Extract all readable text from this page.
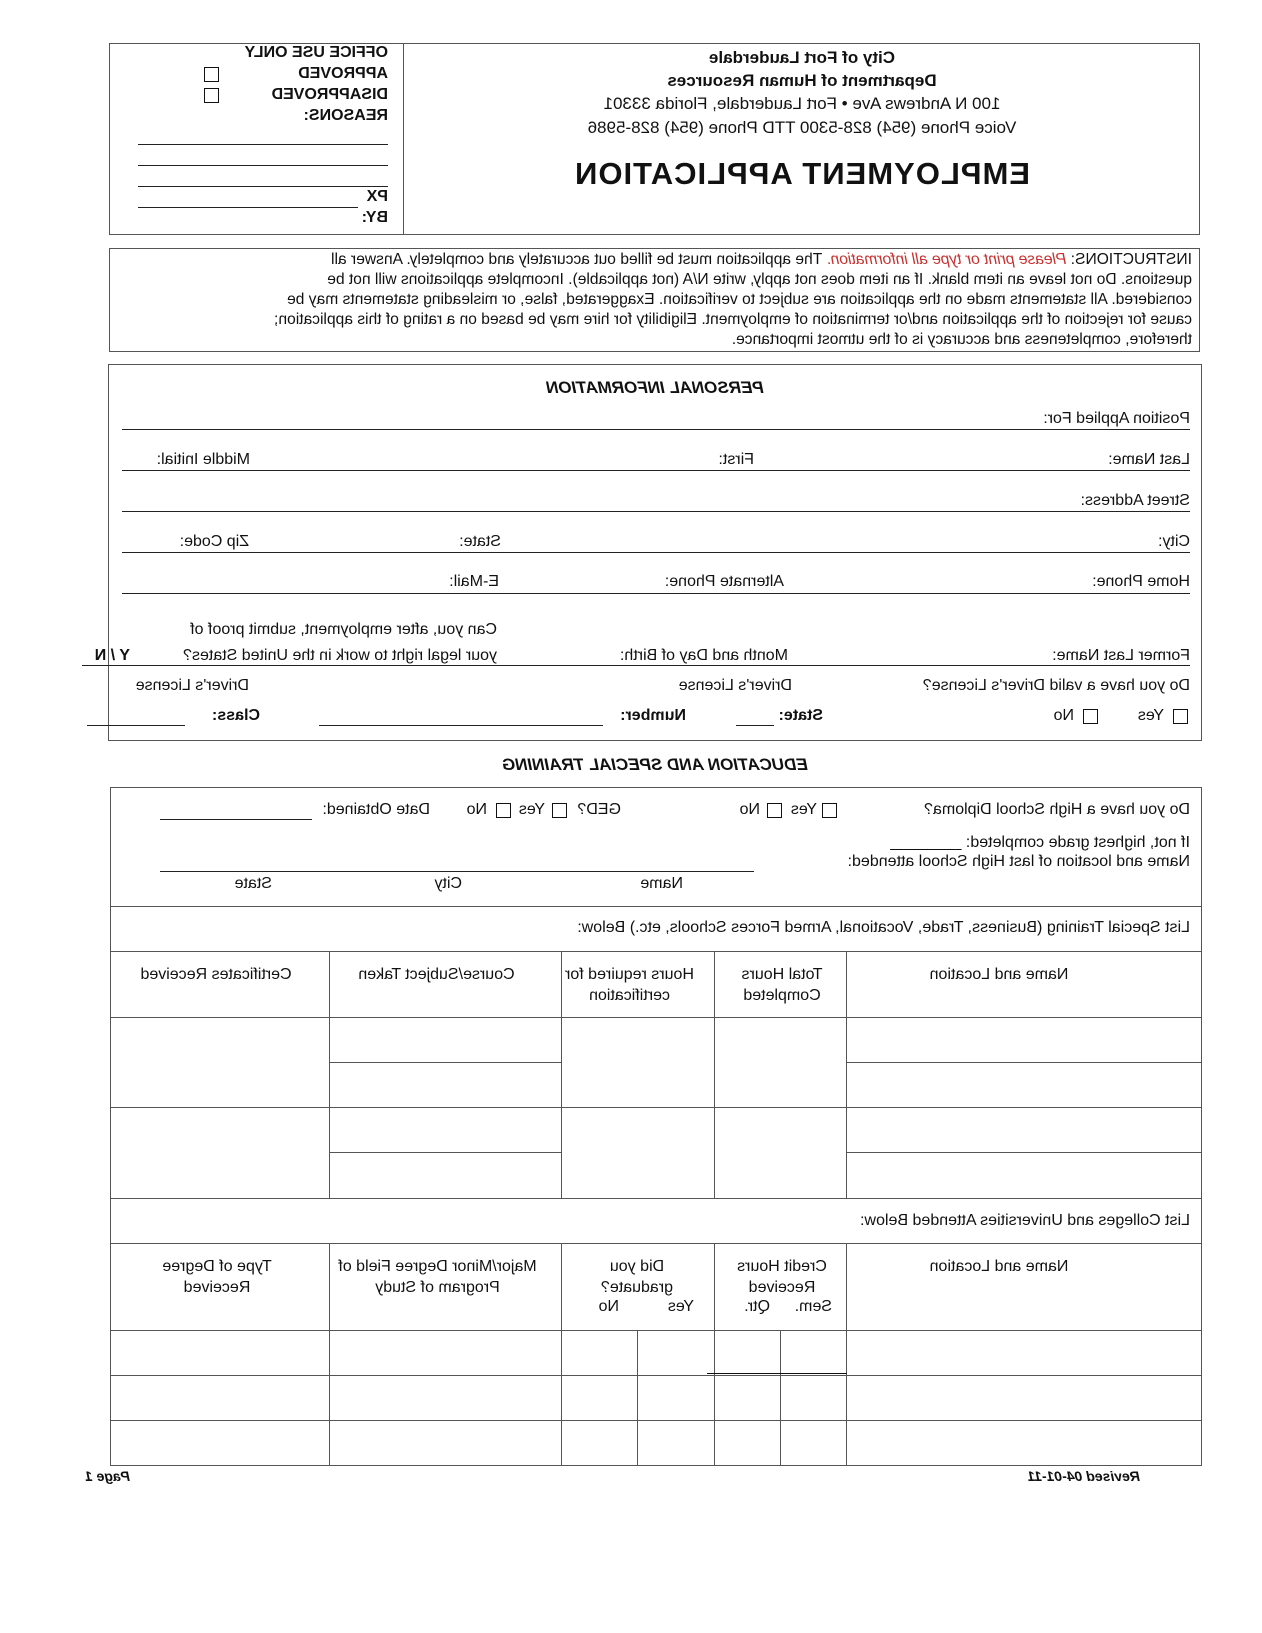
City of Fort Lauderdale
Department of Human Resources
100 N Andrews Ave • Fort Lauderdale, Florida 33301
Voice Phone (954) 828-5300 TTD Phone (954) 828-5986
EMPLOYMENT APPLICATION
OFFICE USE ONLY
APPROVED
DISAPPROVED
REASONS:
PX
BY:
INSTRUCTIONS: Please print or type all information. The application must be filled out accurately and completely. Answer all
questions. Do not leave an item blank. If an item does not apply, write N/A (not applicable). Incomplete applications will not be
considered. All statements made on the application are subject to verification. Exaggerated, false, or misleading statements may be
cause for rejection of the application and/or termination of employment. Eligibility for hire may be based on a rating of this application;
therefore, completeness and accuracy is of the utmost importance.
PERSONAL INFORMATION
Position Applied For:
Last Name:
First:
Middle Initial:
Street Address:
City:
State:
Zip Code:
Home Phone:
Alternate Phone:
E-Mail:
Can you, after employment, submit proof of
Former Last Name:
Month and Day of Birth:
your legal right to work in the United States?
Y / N
Do you have a valid Driver's License?
Driver's License
Driver's License
Yes
No
State:
Number:
Class:
EDUCATION AND SPECIAL TRAINING
Do you have a High School Diploma?
Yes
No
GED?
Yes
No
Date Obtained:
If not, highest grade completed: ________
Name and location of last High School attended:
Name
City
State
List Special Training (Business, Trade, Vocational, Armed Forces Schools, etc.) Below:
Name and Location
Total Hours Completed
Hours required for certification
Course/Subject Taken
Certificates Received
List Colleges and Universities Attended Below:
Name and Location
Credit Hours Received
Sem.
Qtr.
Did you graduate?
Yes
No
Major/Minor Degree Field of Program of Study
Type of Degree Received
Revised 04-01-11
Page 1
